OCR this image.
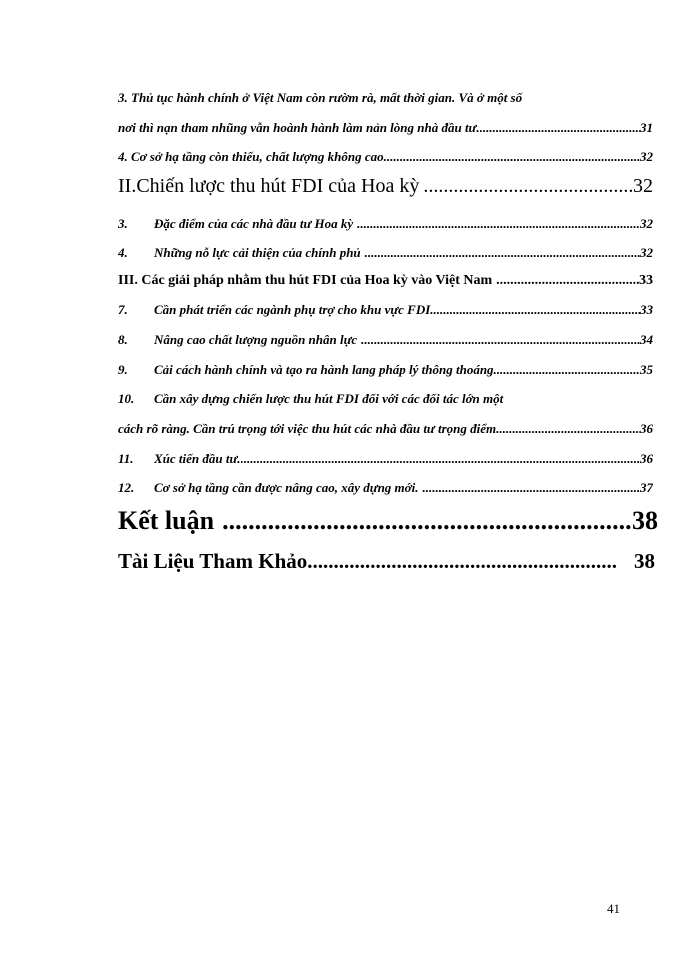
3. Thủ tục hành chính ở Việt Nam còn rườm rà, mất thời gian. Và ở một số
nơi thì nạn tham nhũng vẫn hoành hành làm nản lòng nhà đầu tư. .....	31
4. Cơ sở hạ tầng còn thiếu, chất lượng không cao. .....	32
II.Chiến lược thu hút FDI của Hoa kỳ .....	32
3.	Đặc điểm của các nhà đầu tư Hoa kỳ .....	32
4.	Những nỗ lực cải thiện của chính phủ .....	32
III. Các giải pháp nhằm thu hút FDI của Hoa kỳ vào Việt Nam .....	33
7.	Cần phát triển các ngành phụ trợ cho khu vực FDI .....	33
8.	Nâng cao chất lượng nguồn nhân lực .....	34
9.	Cải cách hành chính và tạo ra hành lang pháp lý thông thoáng. .....	35
10.	Cần xây dựng chiến lược thu hút FDI đối với các đối tác lớn một
cách rõ ràng. Cần trú trọng tới việc thu hút các nhà đầu tư trọng điểm .....	36
11.	Xúc tiến đầu tư. .....	36
12.	Cơ sở hạ tầng cần được nâng cao, xây dựng mới. .....	37
Kết luận .....	38
Tài Liệu Tham Khảo .....	38
41
